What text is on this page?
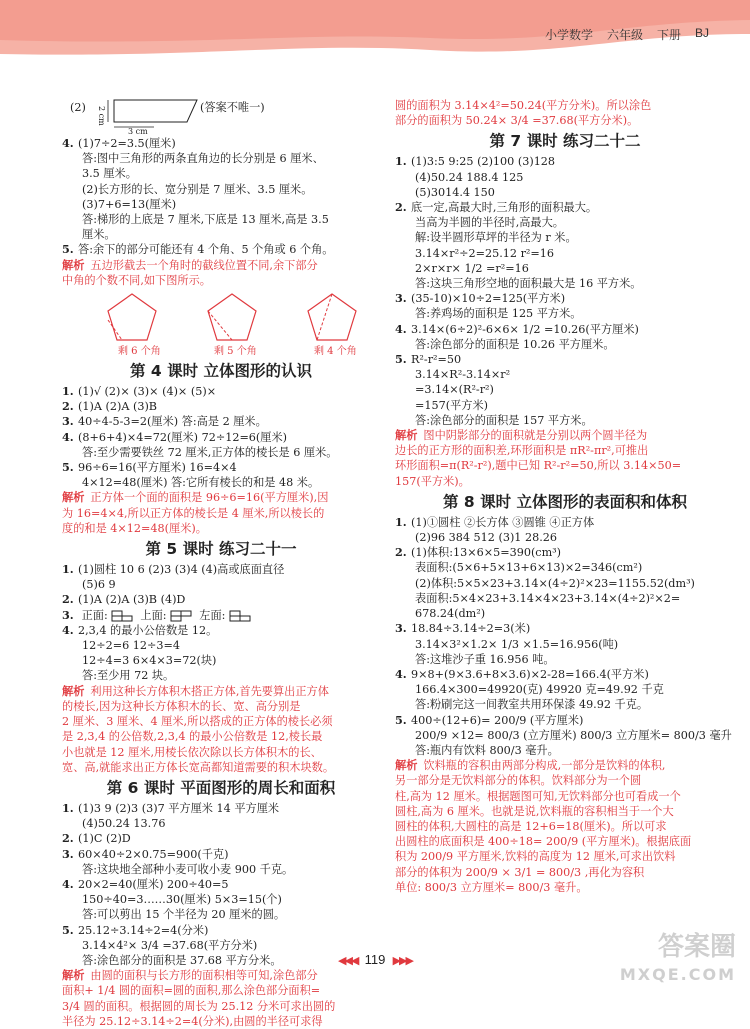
小学数学 六年级 下册 BJ
(2)	2 cm
3 cm
(答案不唯一)
4. (1)7÷2=3.5(厘米)
答:图中三角形的两条直角边的长分别是 6 厘米、
3.5 厘米。
(2)长方形的长、宽分别是 7 厘米、3.5 厘米。
(3)7+6=13(厘米)
答:梯形的上底是 7 厘米,下底是 13 厘米,高是 3.5
厘米。
5. 答:余下的部分可能还有 4 个角、5 个角或 6 个角。
解析 五边形截去一个角时的截线位置不同,余下部分
中角的个数不同,如下图所示。
剩 6 个角	剩 5 个角	剩 4 个角
第 4 课时 立体图形的认识
1. (1)√ (2)× (3)× (4)× (5)×
2. (1)A (2)A (3)B
3. 40÷4-5-3=2(厘米) 答:高是 2 厘米。
4. (8+6+4)×4=72(厘米) 72÷12=6(厘米)
答:至少需要铁丝 72 厘米,正方体的棱长是 6 厘米。
5. 96÷6=16(平方厘米) 16=4×4
4×12=48(厘米) 答:它所有棱长的和是 48 米。
解析 正方体一个面的面积是 96÷6=16(平方厘米),因
为 16=4×4,所以正方体的棱长是 4 厘米,所以棱长的
度的和是 4×12=48(厘米)。
第 5 课时 练习二十一
1. (1)圆柱 10 6 (2)3 (3)4 (4)高或底面直径
(5)6 9
2. (1)A (2)A (3)B (4)D
3. 正面:	上面:	左面:
4. 2,3,4 的最小公倍数是 12。
12÷2=6 12÷3=4
12÷4=3 6×4×3=72(块)
答:至少用 72 块。
解析 利用这种长方体积木搭正方体,首先要算出正方体
的棱长,因为这种长方体积木的长、宽、高分别是
2 厘米、3 厘米、4 厘米,所以搭成的正方体的棱长必须
是 2,3,4 的公倍数,2,3,4 的最小公倍数是 12,棱长最
小也就是 12 厘米,用棱长依次除以长方体积木的长、
宽、高,就能求出正方体长宽高都知道需要的积木块数。
第 6 课时 平面图形的周长和面积
1. (1)3 9 (2)3 (3)7 平方厘米 14 平方厘米
(4)50.24 13.76
2. (1)C (2)D
3. 60×40÷2×0.75=900(千克)
答:这块地全部种小麦可收小麦 900 千克。
4. 20×2=40(厘米) 200÷40=5
150÷40=3……30(厘米) 5×3=15(个)
答:可以剪出 15 个半径为 20 厘米的圆。
5. 25.12÷3.14÷2=4(分米)
3.14×4²× 3/4 =37.68(平方分米)
答:涂色部分的面积是 37.68 平方分米。
解析 由圆的面积与长方形的面积相等可知,涂色部分
面积+ 1/4 圆的面积=圆的面积,那么涂色部分面积=
3/4 圆的面积。根据圆的周长为 25.12 分米可求出圆的
半径为 25.12÷3.14÷2=4(分米),由圆的半径可求得
圆的面积为 3.14×4²=50.24(平方分米)。所以涂色
部分的面积为 50.24× 3/4 =37.68(平方分米)。
第 7 课时 练习二十二
1. (1)3:5 9:25 (2)100 (3)128
(4)50.24 188.4 125
(5)3014.4 150
2. 底一定,高最大时,三角形的面积最大。
当高为半圆的半径时,高最大。
解:设半圆形草坪的半径为 r 米。
3.14×r²÷2=25.12 r²=16
2×r×r× 1/2 =r²=16
答:这块三角形空地的面积最大是 16 平方米。
3. (35-10)×10÷2=125(平方米)
答:养鸡场的面积是 125 平方米。
4. 3.14×(6÷2)²-6×6× 1/2 =10.26(平方厘米)
答:涂色部分的面积是 10.26 平方厘米。
5. R²-r²=50
3.14×R²-3.14×r²
=3.14×(R²-r²)
=157(平方米)
答:涂色部分的面积是 157 平方米。
解析 图中阴影部分的面积就是分别以两个圆半径为
边长的正方形的面积差,环形面积是 πR²-πr²,可推出
环形面积=π(R²-r²),题中已知 R²-r²=50,所以 3.14×50=
157(平方米)。
第 8 课时 立体图形的表面积和体积
1. (1)①圆柱 ②长方体 ③圆锥 ④正方体
(2)96 384 512 (3)1 28.26
2. (1)体积:13×6×5=390(cm³)
表面积:(5×6+5×13+6×13)×2=346(cm²)
(2)体积:5×5×23+3.14×(4÷2)²×23=1155.52(dm³)
表面积:5×4×23+3.14×4×23+3.14×(4÷2)²×2=
678.24(dm²)
3. 18.84÷3.14÷2=3(米)
3.14×3²×1.2× 1/3 ×1.5=16.956(吨)
答:这堆沙子重 16.956 吨。
4. 9×8+(9×3.6+8×3.6)×2-28=166.4(平方米)
166.4×300=49920(克) 49920 克=49.92 千克
答:粉刷完这一间教室共用环保漆 49.92 千克。
5. 400÷(12+6)= 200/9 (平方厘米)
200/9 ×12= 800/3 (立方厘米) 800/3 立方厘米= 800/3 毫升
答:瓶内有饮料 800/3 毫升。
解析 饮料瓶的容积由两部分构成,一部分是饮料的体积,
另一部分是无饮料部分的体积。饮料部分为一个圆
柱,高为 12 厘米。根据题图可知,无饮料部分也可看成一个
圆柱,高为 6 厘米。也就是说,饮料瓶的容积相当于一个大
圆柱的体积,大圆柱的高是 12+6=18(厘米)。所以可求
出圆柱的底面积是 400÷18= 200/9 (平方厘米)。根据底面
积为 200/9 平方厘米,饮料的高度为 12 厘米,可求出饮料
部分的体积为 200/9 × 3/1 = 800/3 ,再化为容积
单位: 800/3 立方厘米= 800/3 毫升。
◀◀◀ 119 ▶▶▶	答案圈
MXQE.COM
